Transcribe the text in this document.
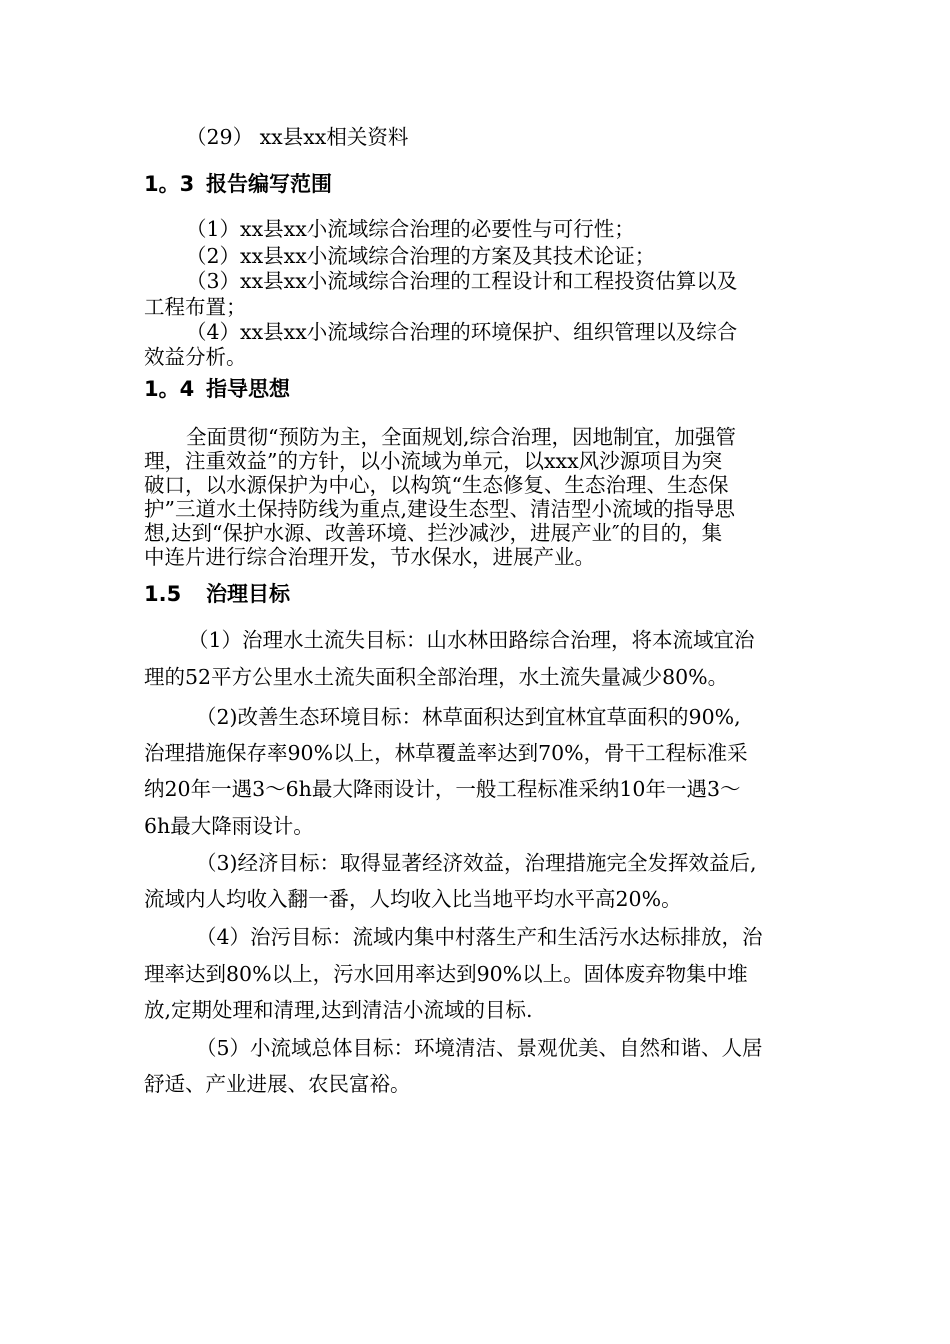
（29） xx县xx相关资料
1。3 报告编写范围
（1）xx县xx小流域综合治理的必要性与可行性；
（2）xx县xx小流域综合治理的方案及其技术论证；
（3）xx县xx小流域综合治理的工程设计和工程投资估算以及
工程布置；
（4）xx县xx小流域综合治理的环境保护、组织管理以及综合
效益分析。
1。4 指导思想
全面贯彻“预防为主，全面规划,综合治理，因地制宜，加强管
理，注重效益”的方针，以小流域为单元，以xxx风沙源项目为突
破口，以水源保护为中心，以构筑“生态修复、生态治理、生态保
护”三道水土保持防线为重点,建设生态型、清洁型小流域的指导思
想,达到“保护水源、改善环境、拦沙减沙，进展产业″的目的，集
中连片进行综合治理开发，节水保水，进展产业。
1.5 治理目标
（1）治理水土流失目标：山水林田路综合治理，将本流域宜治
理的52平方公里水土流失面积全部治理，水土流失量减少80%。
（2)改善生态环境目标：林草面积达到宜林宜草面积的90%,
治理措施保存率90%以上，林草覆盖率达到70%，骨干工程标准采
纳20年一遇3～6h最大降雨设计，一般工程标准采纳10年一遇3～
6h最大降雨设计。
（3)经济目标：取得显著经济效益，治理措施完全发挥效益后,
流域内人均收入翻一番，人均收入比当地平均水平高20%。
（4）治污目标：流域内集中村落生产和生活污水达标排放，治
理率达到80%以上，污水回用率达到90%以上。固体废弃物集中堆
放,定期处理和清理,达到清洁小流域的目标.
（5）小流域总体目标：环境清洁、景观优美、自然和谐、人居
舒适、产业进展、农民富裕。
